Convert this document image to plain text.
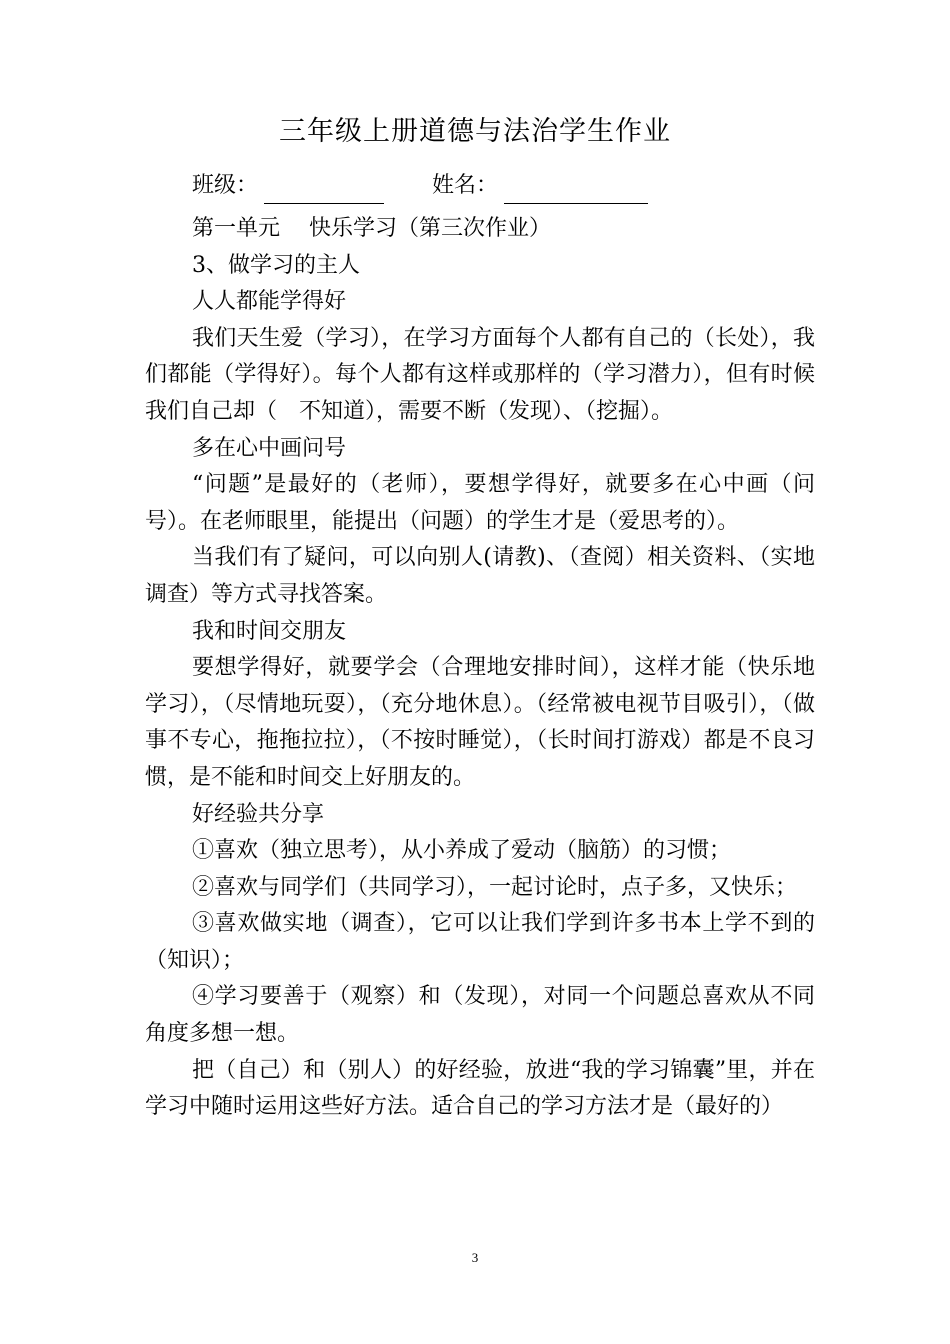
三年级上册道德与法治学生作业
班级：	姓名：

第一单元　 快乐学习（第三次作业）

3、做学习的主人

人人都能学得好

我们天生爱（学习），在学习方面每个人都有自己的（长处），我们都能（学得好）。每个人都有这样或那样的（学习潜力），但有时候我们自己却（　不知道），需要不断（发现）、（挖掘）。

多在心中画问号

“问题”是最好的（老师），要想学得好，就要多在心中画（问号）。在老师眼里，能提出（问题）的学生才是（爱思考的）。

当我们有了疑问，可以向别人(请教)、（查阅）相关资料、（实地调查）等方式寻找答案。

我和时间交朋友

要想学得好，就要学会（合理地安排时间），这样才能（快乐地学习），（尽情地玩耍），（充分地休息）。（经常被电视节目吸引），（做事不专心，拖拖拉拉），（不按时睡觉），（长时间打游戏）都是不良习惯，是不能和时间交上好朋友的。

好经验共分享

①喜欢（独立思考），从小养成了爱动（脑筋）的习惯；

②喜欢与同学们（共同学习），一起讨论时，点子多，又快乐；

③喜欢做实地（调查），它可以让我们学到许多书本上学不到的（知识）；

④学习要善于（观察）和（发现），对同一个问题总喜欢从不同角度多想一想。

把（自己）和（别人）的好经验，放进“我的学习锦囊”里，并在学习中随时运用这些好方法。适合自己的学习方法才是（最好的）

3
